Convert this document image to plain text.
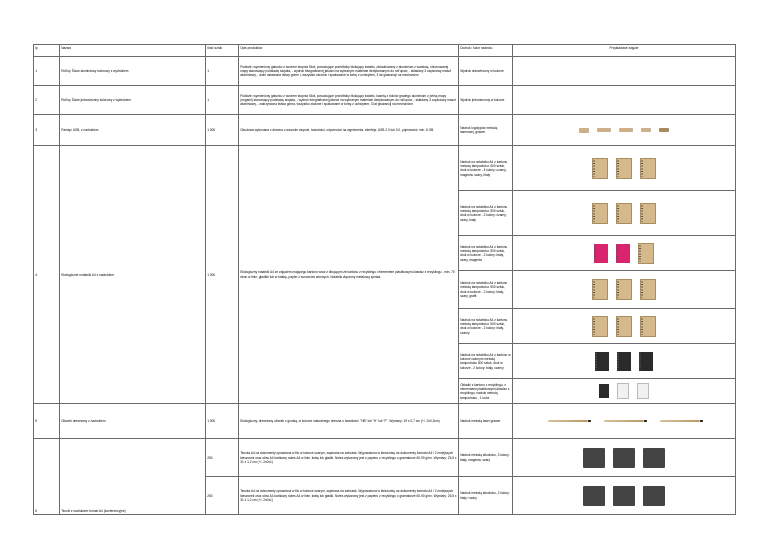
lp	Nazwa	Ilość sztuk	Opis produktów	Dodruk / kolor nadruku	Przykładowe zdjęcie
1	Roll'up Ścian aluminiowy kolorowy z wydrukiem	1	Podłoże: wymieniony gatunku z wzorem stopnia Skół, powodujące przeźlistky blokujący światło, zlokalnowany z aluminium z warstwą, chronowanej mapy stanowiący podstawę stojaka, - wydruk fotograficznej jakości na wybranym materiale dedykowanym do roll'upów, - składany 3 częściowy maszt aluminiowy, - dwie ustawiane listwy górne i, wszystko złożone i spakowane w torbę z uchwytem, 3 lat gwarancji na mechanizm	Wydruk drzewieczny w kolorze	
2	Roll'up Ścian jednostronny kolorowy z wydrukiem	1	Podłoże: wymieniony gatunku z wzorem stopnia Skół, powodujące przeźlistky blokujący światło, kasetą z boków gradego aluminium z pełną mapy (nogami) stanowiący podstawę stojaka, - wydruk fotograficznej jakości na wybranym materiale dedykowanym do roll'upów, - składany 3 częściowy maszt aluminiowy, - zakrzywiona listwa górna, wszystko złożone i spakowane w torbę z uchwytem, 3 lat gwarancji na mechanizm	Wydruk jednostronny w kolorze	
3	Pamięć USB, z nadrukiem	1 000	Obudowa wykonana z drewna o wzorzim stopnie, twardości, odporności na wgniecenia, interfejs: USB 2.0 lub 3.0, pojemność: min. 8 GB.	Nadruk logotypów metodą laserowej, grawer	

4	Ekologiczne notatniki A4 z nadrukiem	1 000	Ekologiczny notatnik A4 ze zdjęciem mającego kartonu wraz z dbującym że kartonu z recyklingu i elementem plastikowym-klawisz z recyklingu - min. 70 stron w linie, gładkie lub w kratkę, papier z surowców wtórnych. Notatnik złączony metalową spirala.	Nadruk na notatniku A4 z kartonu metodą tampodruku: 500 sztuk, druk w kolorze - 4 kolory: czarny, magenta, szary, biały	

				Nadruk na notatniku A4 z kartonu metodą tampodruku: 500 sztuk, druk w kolorze - 2 kolory: czarny, szary, biały	

				Nadruk na notatniku A4 z kartonu metodą tampodruku: 500 sztuk, druk w kolorze - 2 kolory: biały, szary, magenta	

				Nadruk na notatniku A4 z kartonu metodą tampodruku: 500 sztuk, druk w kolorze - 2 kolory: biały, szary, grafit	

				Nadruk na notatniku A4 z kartonu metodą tampodruku: 500 sztuk, druk w kolorze - 2 kolory: biały, czarny	

				Nadruk na notatniku A4 z kartonu w kolorze czarnym metodą tampodruku 500 sztuk, druk w kolorze - 2 kolory: biały, czarny	

				Okładki z kartonu z recyklingu, z elementami plastikowymi-klawisz z recyklingu, nadruk metodą tampodruku - 1 kolor	

5	Ołówek drewniany z nadrukiem	1 000	Ekologiczny, drewniany ołówek z gumką, w kolorze naturalnego drewna o twardości: "HB" lub "H" lub "F". Wymiary: 19 x 0,7 cm (+/- 2x0,3cm)	Nadruk metodą laser grawer	

6	Teczki z nadrukiem format A4 (konferencyjne)	250	Teczka A4 na dokumenty oprawiona w filc w kolorze szarym, zapinana na zatrzask. Wyposażona w kieszonkę na dokumenty formatu A4 i 2 mniejszych kieszonek oraz ołów A4 kartkowy notes A4 w linie, kratę lub gładki. Notes wykonany jest z papieru z recyklingu o gramaturze 60-90 g/m². Wymiary: 25,5 x 31 x 1,2 cm (+/- 2x0x1)	Nadruk metodą sitodruku, 3 kolory: biały, magenta, szary	

		250	Teczka A4 na dokumenty oprawiona w filc w kolorze szarym, zapinana na zatrzask. Wyposażona w kieszonkę na dokumenty formatu A4 i 2 mniejszych kieszonek oraz ołów A4 kartkowy notes A4 w linie, kratę lub gładki. Notes wykonany jest z papieru z recyklingu o gramaturze 60-90 g/m². Wymiary: 25,5 x 31 x 1,2 cm (+/- 2x0x1)	Nadruk metodą sitodruku, 2 kolory: biały i szary	
